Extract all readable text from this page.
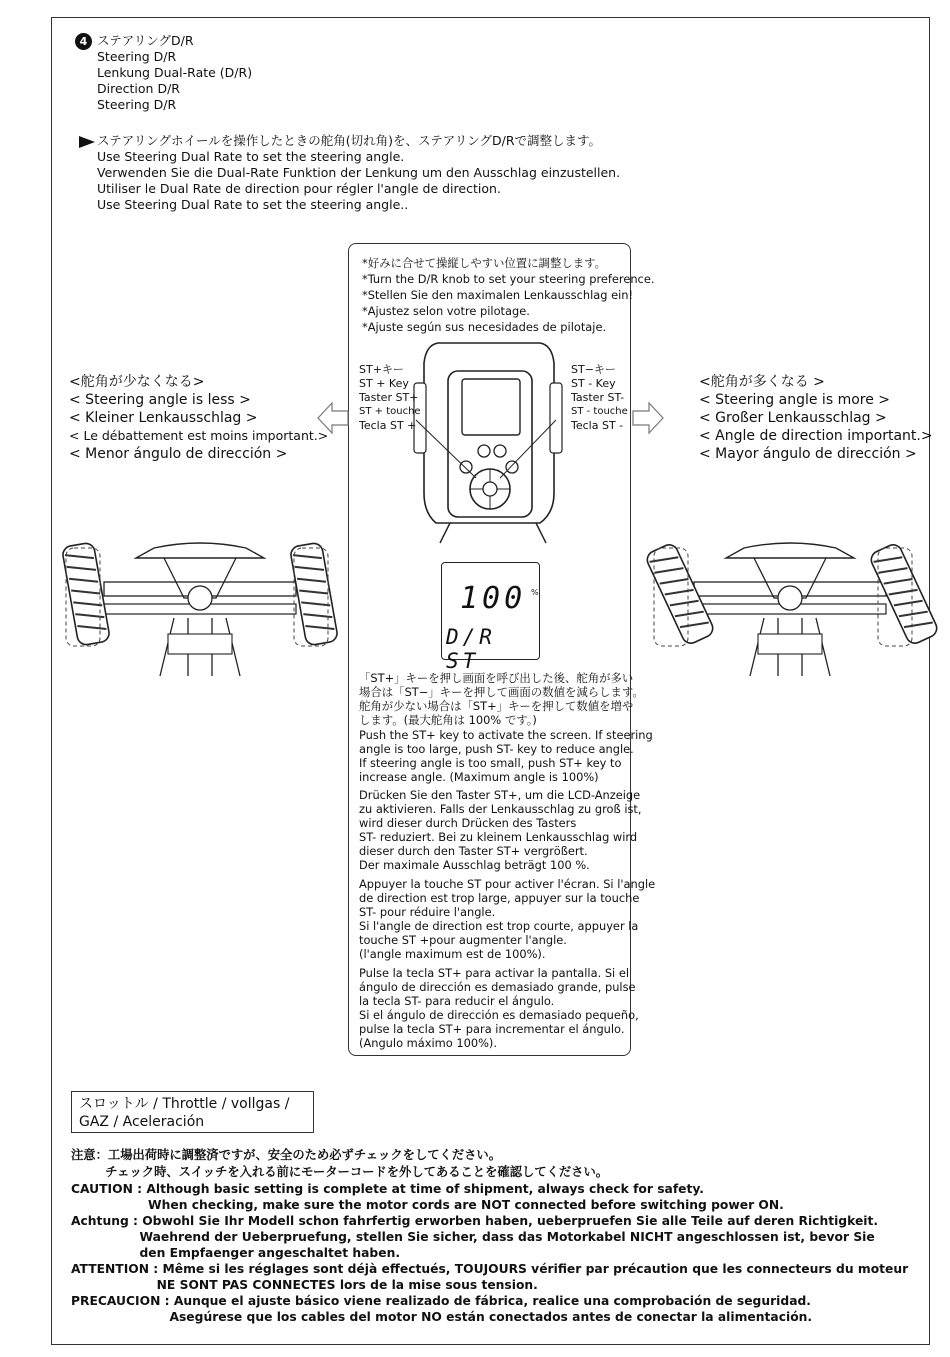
4 ステアリングD/R
Steering D/R
Lenkung Dual-Rate (D/R)
Direction D/R
Steering D/R
ステアリングホイールを操作したときの舵角(切れ角)を、ステアリングD/Rで調整します。
Use Steering Dual Rate to set the steering angle.
Verwenden Sie die Dual-Rate Funktion der Lenkung um den Ausschlag einzustellen.
Utiliser le Dual Rate de direction pour régler l'angle de direction.
Use Steering Dual Rate to set the steering angle..
*好みに合せて操縦しやすい位置に調整します。
*Turn the D/R knob to set your steering preference.
*Stellen Sie den maximalen Lenkausschlag ein!
*Ajustez selon votre pilotage.
*Ajuste según sus necesidades de pilotaje.
ST+キー
ST + Key
Taster ST+
ST + touche
Tecla ST +
ST−キー
ST - Key
Taster ST-
ST - touche
Tecla ST -
<舵角が少なくなる>
< Steering angle is less >
< Kleiner Lenkausschlag >
< Le débattement est moins important.>
< Menor ángulo de dirección >
<舵角が多くなる >
< Steering angle is more >
< Großer Lenkausschlag >
< Angle de direction important.>
< Mayor ángulo de dirección >
100 %
D/R ST
「ST+」キーを押し画面を呼び出した後、舵角が多い
場合は「ST−」キーを押して画面の数値を減らします。
舵角が少ない場合は「ST+」キーを押して数値を増や
します。(最大舵角は 100% です。)
Push the ST+ key to activate the screen. If steering
angle is too large, push ST- key to reduce angle.
If steering angle is too small, push ST+ key to
increase angle. (Maximum angle is 100%)
Drücken Sie den Taster ST+, um die LCD-Anzeige
zu aktivieren. Falls der Lenkausschlag zu groß ist,
wird dieser durch Drücken des Tasters
ST- reduziert. Bei zu kleinem Lenkausschlag wird
dieser durch den Taster ST+ vergrößert.
Der maximale Ausschlag beträgt 100 %.
Appuyer la touche ST pour activer l'écran. Si l'angle
de direction est trop large, appuyer sur la touche
ST- pour réduire l'angle.
Si l'angle de direction est trop courte, appuyer la
touche ST +pour augmenter l'angle.
(l'angle maximum est de 100%).
Pulse la tecla ST+ para activar la pantalla. Si el
ángulo de dirección es demasiado grande, pulse
la tecla ST- para reducir el ángulo.
Si el ángulo de dirección es demasiado pequeño,
pulse la tecla ST+ para incrementar el ángulo.
(Angulo máximo 100%).
スロットル / Throttle / vollgas /
GAZ / Aceleración
注意：工場出荷時に調整済ですが、安全のため必ずチェックをしてください。
チェック時、スイッチを入れる前にモーターコードを外してあることを確認してください。
CAUTION : Although basic setting is complete at time of shipment, always check for safety.
When checking, make sure the motor cords are NOT connected before switching power ON.
Achtung : Obwohl Sie Ihr Modell schon fahrfertig erworben haben, ueberpruefen Sie alle Teile auf deren Richtigkeit.
Waehrend der Ueberpruefung, stellen Sie sicher, dass das Motorkabel NICHT angeschlossen ist, bevor Sie
den Empfaenger angeschaltet haben.
ATTENTION : Même si les réglages sont déjà effectués, TOUJOURS vérifier par précaution que les connecteurs du moteur
NE SONT PAS CONNECTES lors de la mise sous tension.
PRECAUCION : Aunque el ajuste básico viene realizado de fábrica, realice una comprobación de seguridad.
Asegúrese que los cables del motor NO están conectados antes de conectar la alimentación.
